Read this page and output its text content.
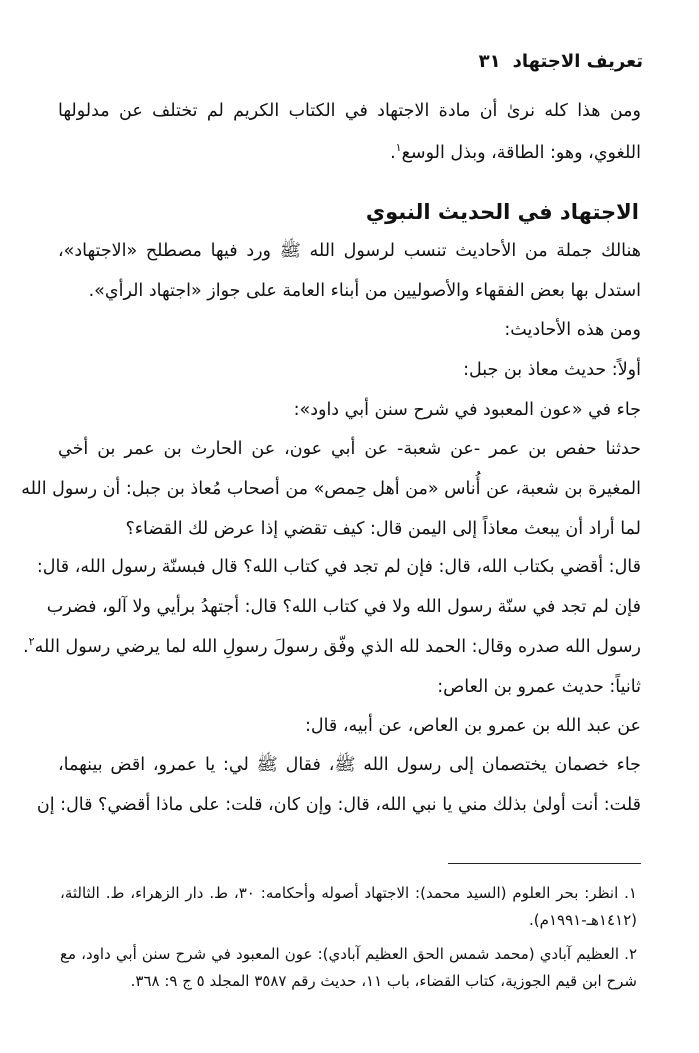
تعريف الاجتهاد
٣١
ومن هذا كله نرىٰ أن مادة الاجتهاد في الكتاب الكريم لم تختلف عن مدلولها
اللغوي، وهو: الطاقة، وبذل الوسع$^١$.
الاجتهاد في الحديث النبوي
هنالك جملة من الأحاديث تنسب لرسول الله ﷺ ورد فيها مصطلح «الاجتهاد»،
استدل بها بعض الفقهاء والأصوليين من أبناء العامة على جواز «اجتهاد الرأي».
ومن هذه الأحاديث:
أولاً: حديث معاذ بن جبل:
جاء في «عون المعبود في شرح سنن أبي داود»:
حدثنا حفص بن عمر -عن شعبة- عن أبي عون، عن الحارث بن عمر بن أخي
المغيرة بن شعبة، عن أُناس «من أهل حِمص» من أصحاب مُعاذ بن جبل: أن رسول الله
لما أراد أن يبعث معاذاً إلى اليمن قال: كيف تقضي إذا عرض لك القضاء؟
قال: أقضي بكتاب الله، قال: فإن لم تجد في كتاب الله؟ قال فبسنّة رسول الله، قال:
فإن لم تجد في سنّة رسول الله ولا في كتاب الله؟ قال: أجتهدُ برأيي ولا آلو، فضرب
رسول الله صدره وقال: الحمد لله الذي وفّق رسولَ رسولِ الله لما يرضي رسول الله$^٢$.
ثانياً: حديث عمرو بن العاص:
عن عبد الله بن عمرو بن العاص، عن أبيه، قال:
جاء خصمان يختصمان إلى رسول الله ﷺ، فقال ﷺ لي: يا عمرو، اقض بينهما،
قلت: أنت أولىٰ بذلك مني يا نبي الله، قال: وإن كان، قلت: على ماذا أقضي؟ قال: إن
١. انظر: بحر العلوم (السيد محمد): الاجتهاد أصوله وأحكامه: ٣٠، ط. دار الزهراء، ط. الثالثة،
(١٤١٢هـ-١٩٩١م).
٢. العظيم آبادي (محمد شمس الحق العظيم آبادي): عون المعبود في شرح سنن أبي داود، مع
شرح ابن قيم الجوزية، كتاب القضاء، باب ١١، حديث رقم ٣٥٨٧ المجلد ٥ ج ٩: ٣٦٨.
